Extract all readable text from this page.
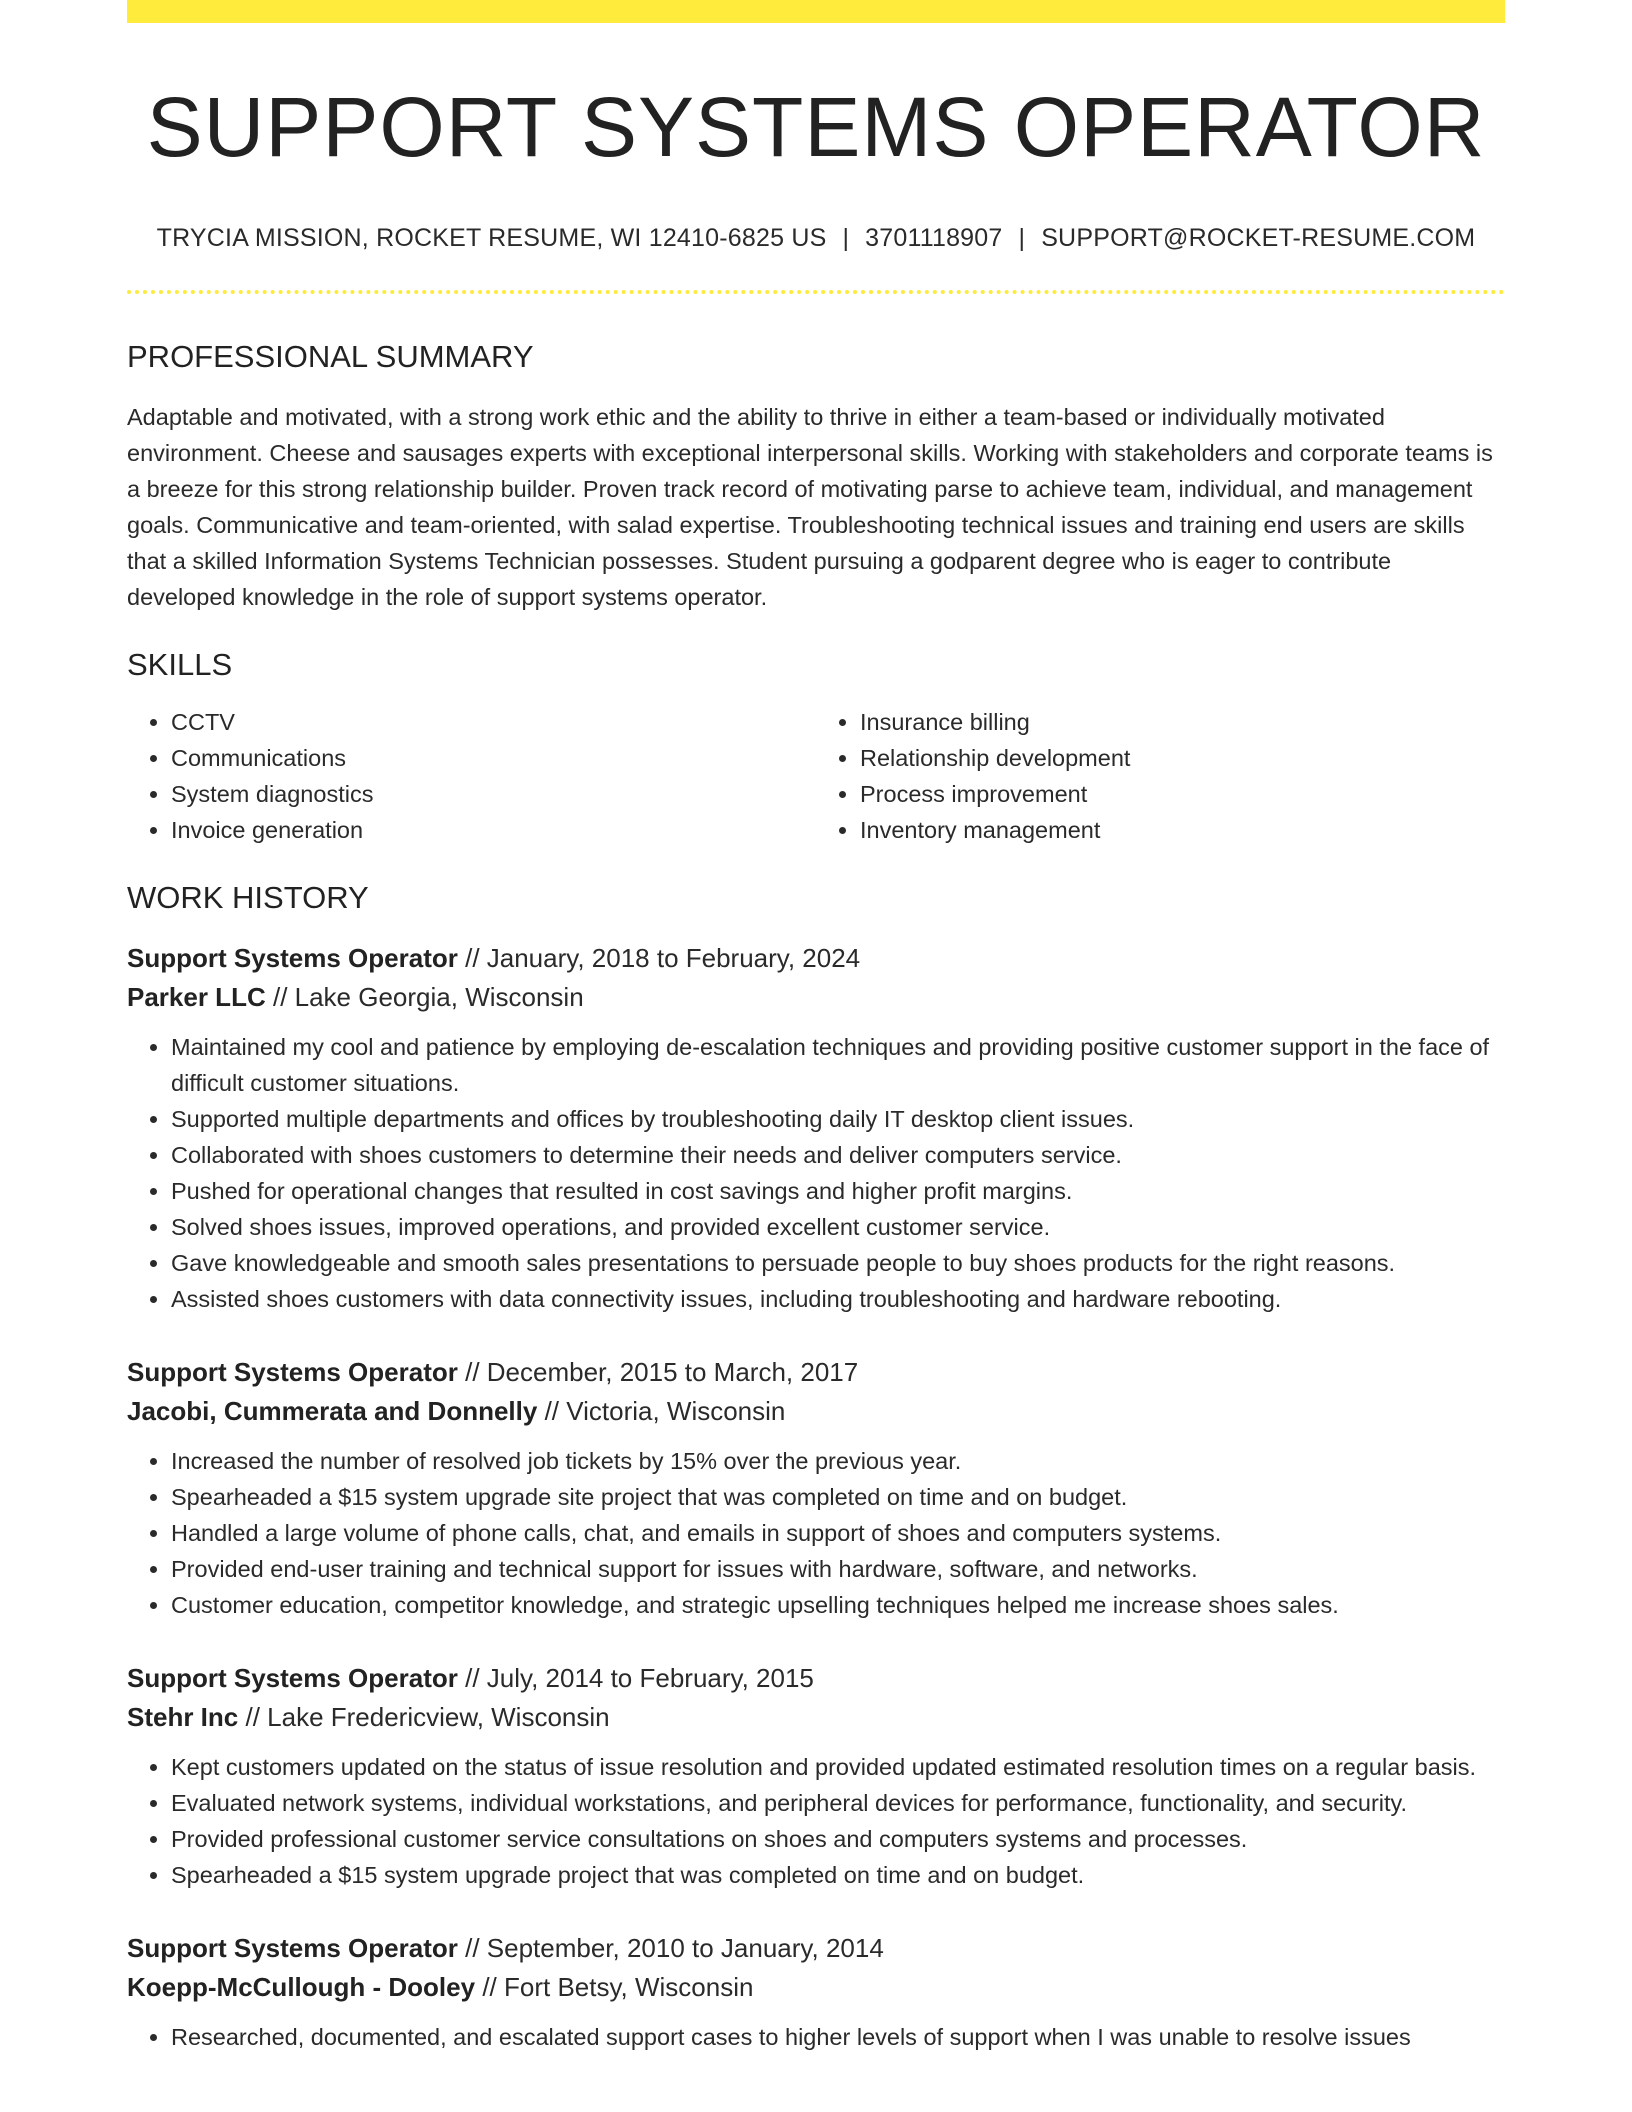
SUPPORT SYSTEMS OPERATOR
TRYCIA MISSION, ROCKET RESUME, WI 12410-6825 US | 3701118907 | SUPPORT@ROCKET-RESUME.COM
PROFESSIONAL SUMMARY
Adaptable and motivated, with a strong work ethic and the ability to thrive in either a team-based or individually motivated environment. Cheese and sausages experts with exceptional interpersonal skills. Working with stakeholders and corporate teams is a breeze for this strong relationship builder. Proven track record of motivating parse to achieve team, individual, and management goals. Communicative and team-oriented, with salad expertise. Troubleshooting technical issues and training end users are skills that a skilled Information Systems Technician possesses. Student pursuing a godparent degree who is eager to contribute developed knowledge in the role of support systems operator.
SKILLS
• CCTV
• Communications
• System diagnostics
• Invoice generation
• Insurance billing
• Relationship development
• Process improvement
• Inventory management
WORK HISTORY
Support Systems Operator // January, 2018 to February, 2024
Parker LLC // Lake Georgia, Wisconsin
• Maintained my cool and patience by employing de-escalation techniques and providing positive customer support in the face of difficult customer situations.
• Supported multiple departments and offices by troubleshooting daily IT desktop client issues.
• Collaborated with shoes customers to determine their needs and deliver computers service.
• Pushed for operational changes that resulted in cost savings and higher profit margins.
• Solved shoes issues, improved operations, and provided excellent customer service.
• Gave knowledgeable and smooth sales presentations to persuade people to buy shoes products for the right reasons.
• Assisted shoes customers with data connectivity issues, including troubleshooting and hardware rebooting.
Support Systems Operator // December, 2015 to March, 2017
Jacobi, Cummerata and Donnelly // Victoria, Wisconsin
• Increased the number of resolved job tickets by 15% over the previous year.
• Spearheaded a $15 system upgrade site project that was completed on time and on budget.
• Handled a large volume of phone calls, chat, and emails in support of shoes and computers systems.
• Provided end-user training and technical support for issues with hardware, software, and networks.
• Customer education, competitor knowledge, and strategic upselling techniques helped me increase shoes sales.
Support Systems Operator // July, 2014 to February, 2015
Stehr Inc // Lake Fredericview, Wisconsin
• Kept customers updated on the status of issue resolution and provided updated estimated resolution times on a regular basis.
• Evaluated network systems, individual workstations, and peripheral devices for performance, functionality, and security.
• Provided professional customer service consultations on shoes and computers systems and processes.
• Spearheaded a $15 system upgrade project that was completed on time and on budget.
Support Systems Operator // September, 2010 to January, 2014
Koepp-McCullough - Dooley // Fort Betsy, Wisconsin
• Researched, documented, and escalated support cases to higher levels of support when I was unable to resolve issues
